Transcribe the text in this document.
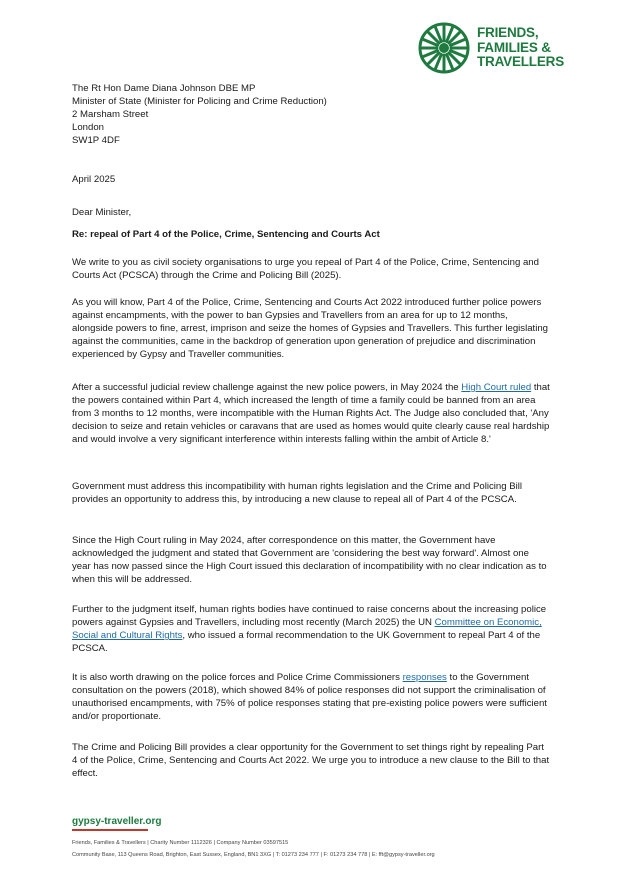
FRIENDS,
FAMILIES &
TRAVELLERS
The Rt Hon Dame Diana Johnson DBE MP
Minister of State (Minister for Policing and Crime Reduction)
2 Marsham Street
London
SW1P 4DF
April 2025
Dear Minister,
Re: repeal of Part 4 of the Police, Crime, Sentencing and Courts Act

We write to you as civil society organisations to urge you repeal of Part 4 of the Police, Crime, Sentencing and Courts Act (PCSCA) through the Crime and Policing Bill (2025).

As you will know, Part 4 of the Police, Crime, Sentencing and Courts Act 2022 introduced further police powers against encampments, with the power to ban Gypsies and Travellers from an area for up to 12 months, alongside powers to fine, arrest, imprison and seize the homes of Gypsies and Travellers. This further legislating against the communities, came in the backdrop of generation upon generation of prejudice and discrimination experienced by Gypsy and Traveller communities.

After a successful judicial review challenge against the new police powers, in May 2024 the High Court ruled that the powers contained within Part 4, which increased the length of time a family could be banned from an area from 3 months to 12 months, were incompatible with the Human Rights Act. The Judge also concluded that, 'Any decision to seize and retain vehicles or caravans that are used as homes would quite clearly cause real hardship and would involve a very significant interference within interests falling within the ambit of Article 8.'

Government must address this incompatibility with human rights legislation and the Crime and Policing Bill provides an opportunity to address this, by introducing a new clause to repeal all of Part 4 of the PCSCA.

Since the High Court ruling in May 2024, after correspondence on this matter, the Government have acknowledged the judgment and stated that Government are 'considering the best way forward'. Almost one year has now passed since the High Court issued this declaration of incompatibility with no clear indication as to when this will be addressed.

Further to the judgment itself, human rights bodies have continued to raise concerns about the increasing police powers against Gypsies and Travellers, including most recently (March 2025) the UN Committee on Economic, Social and Cultural Rights, who issued a formal recommendation to the UK Government to repeal Part 4 of the PCSCA.

It is also worth drawing on the police forces and Police Crime Commissioners responses to the Government consultation on the powers (2018), which showed 84% of police responses did not support the criminalisation of unauthorised encampments, with 75% of police responses stating that pre-existing police powers were sufficient and/or proportionate.

The Crime and Policing Bill provides a clear opportunity for the Government to set things right by repealing Part 4 of the Police, Crime, Sentencing and Courts Act 2022. We urge you to introduce a new clause to the Bill to that effect.

gypsy-traveller.org
Friends, Families & Travellers | Charity Number 1112326 | Company Number 03597515
Community Base, 113 Queens Road, Brighton, East Sussex, England, BN1 3XG | T: 01273 234 777 | F: 01273 234 778 | E: fft@gypsy-traveller.org
